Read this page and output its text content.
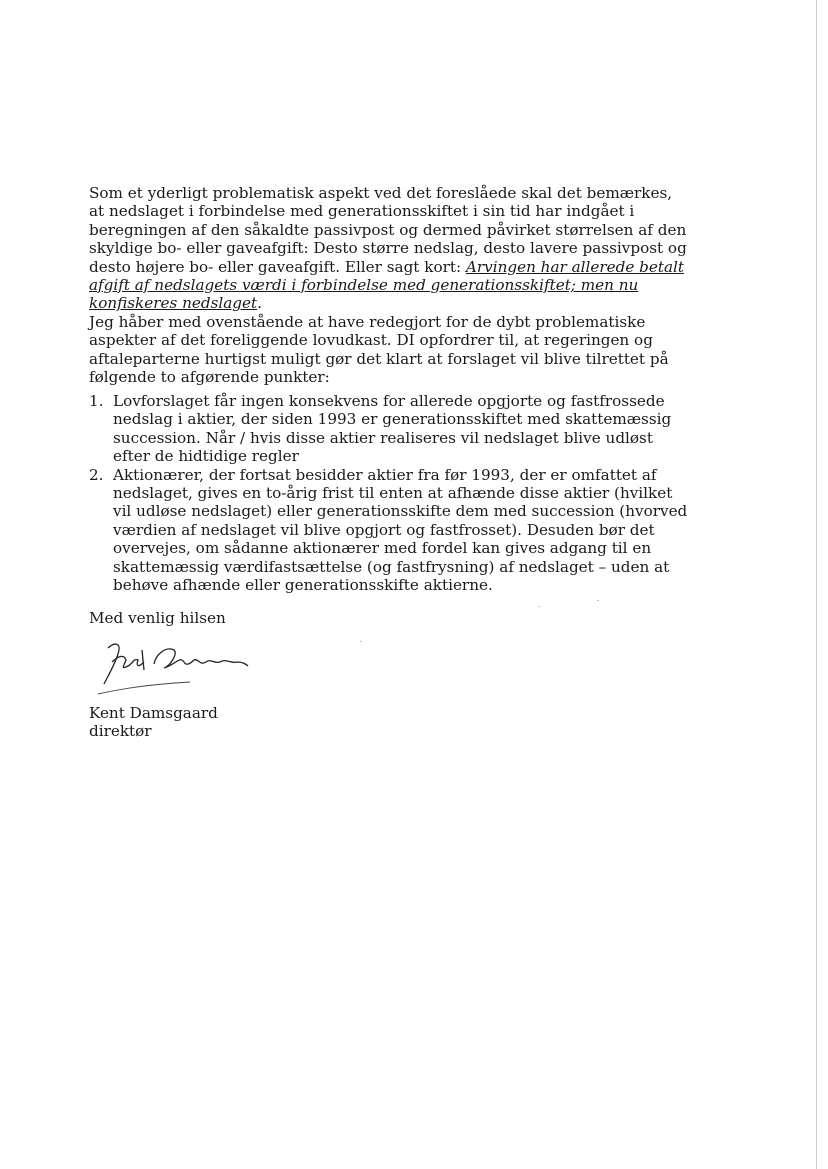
Som et yderligt problematisk aspekt ved det foreslåede skal det bemærkes, at nedslaget i forbindelse med generationsskiftet i sin tid har indgået i beregningen af den såkaldte passivpost og dermed påvirket størrelsen af den skyldige bo- eller gaveafgift: Desto større nedslag, desto lavere passivpost og desto højere bo- eller gaveafgift. Eller sagt kort: Arvingen har allerede betalt afgift af nedslagets værdi i forbindelse med generationsskiftet; men nu konfiskeres nedslaget.

Jeg håber med ovenstående at have redegjort for de dybt problematiske aspekter af det foreliggende lovudkast. DI opfordrer til, at regeringen og aftaleparterne hurtigst muligt gør det klart at forslaget vil blive tilrettet på følgende to afgørende punkter:

1. Lovforslaget får ingen konsekvens for allerede opgjorte og fastfrossede nedslag i aktier, der siden 1993 er generationsskiftet med skattemæssig succession. Når / hvis disse aktier realiseres vil nedslaget blive udløst efter de hidtidige regler
2. Aktionærer, der fortsat besidder aktier fra før 1993, der er omfattet af nedslaget, gives en to-årig frist til enten at afhænde disse aktier (hvilket vil udløse nedslaget) eller generationsskifte dem med succession (hvorved værdien af nedslaget vil blive opgjort og fastfrosset). Desuden bør det overvejes, om sådanne aktionærer med fordel kan gives adgang til en skattemæssig værdifastsættelse (og fastfrysning) af nedslaget – uden at behøve afhænde eller generationsskifte aktierne.

Med venlig hilsen

Kent Damsgaard

direktør
